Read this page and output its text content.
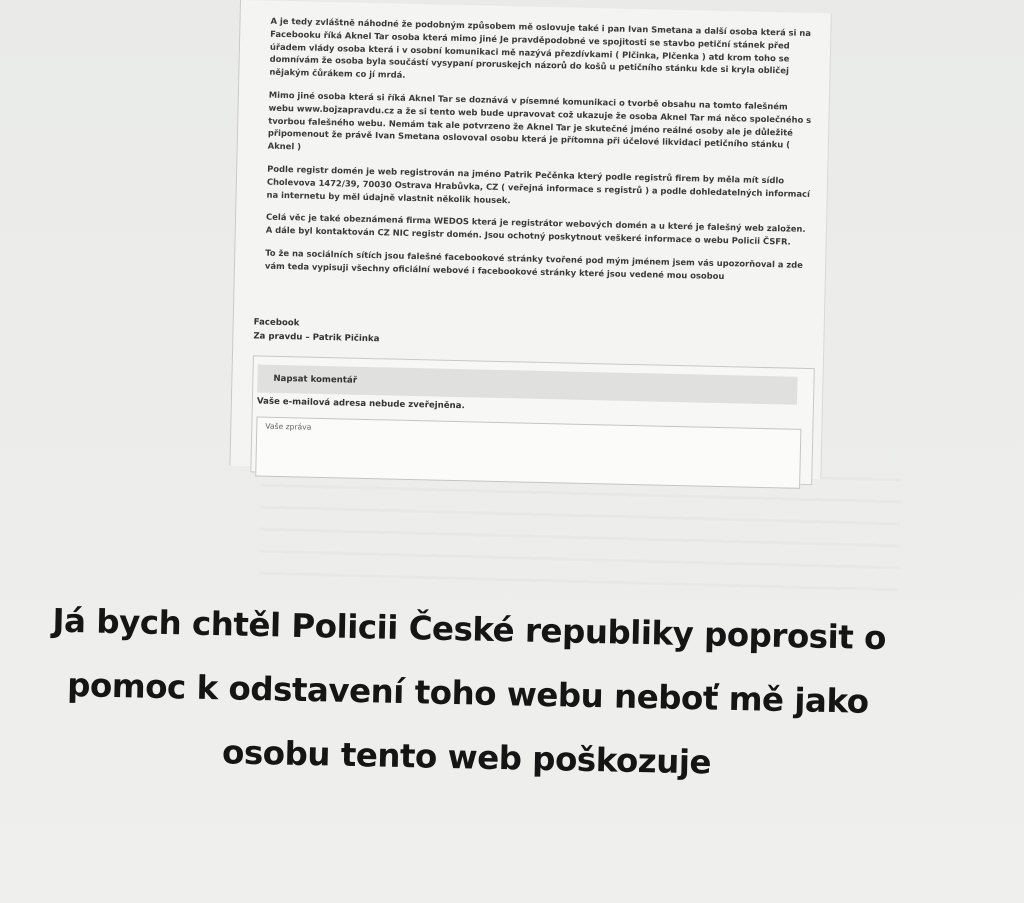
A je tedy zvláštně náhodné že podobným způsobem mě oslovuje také i pan Ivan Smetana a další osoba která si na Facebooku říká Aknel Tar osoba která mimo jiné Je pravděpodobné ve spojitosti se stavbo petiční stánek před úřadem vlády osoba která i v osobní komunikaci mě nazývá přezdívkami ( Plčinka, Plčenka ) atd krom toho se domnívám že osoba byla součástí vysypaní proruskejch názorů do košů u petičního stánku kde si kryla obličej nějakým čůrákem co jí mrdá.

Mimo jiné osoba která si říká Aknel Tar se doznává v písemné komunikaci o tvorbě obsahu na tomto falešném webu www.bojzapravdu.cz a že si tento web bude upravovat což ukazuje že osoba Aknel Tar má něco společného s tvorbou falešného webu. Nemám tak ale potvrzeno že Aknel Tar je skutečné jméno reálné osoby ale je důležité připomenout že právě Ivan Smetana oslovoval osobu která je přítomna při účelové likvidaci petičního stánku ( Aknel )

Podle registr domén je web registrován na jméno Patrik Pečěnka který podle registrů firem by měla mít sídlo Cholevova 1472/39, 70030 Ostrava Hrabůvka, CZ ( veřejná informace s registrů ) a podle dohledatelných informací na internetu by měl údajně vlastnit několik housek.

Celá věc je také obeznámená firma WEDOS která je registrátor webových domén a u které je falešný web založen. A dále byl kontaktován CZ NIC registr domén. Jsou ochotný poskytnout veškeré informace o webu Policii ČSFR.

To že na sociálních sítích jsou falešné facebookové stránky tvořené pod mým jménem jsem vás upozorňoval a zde vám teda vypisuji všechny oficiální webové i facebookové stránky které jsou vedené mou osobou

Facebook
Za pravdu – Patrik Pičinka
Napsat komentář
Vaše e-mailová adresa nebude zveřejněna.
Vaše zpráva
Já bych chtěl Policii České republiky poprosit o
pomoc k odstavení toho webu neboť mě jako
osobu tento web poškozuje
